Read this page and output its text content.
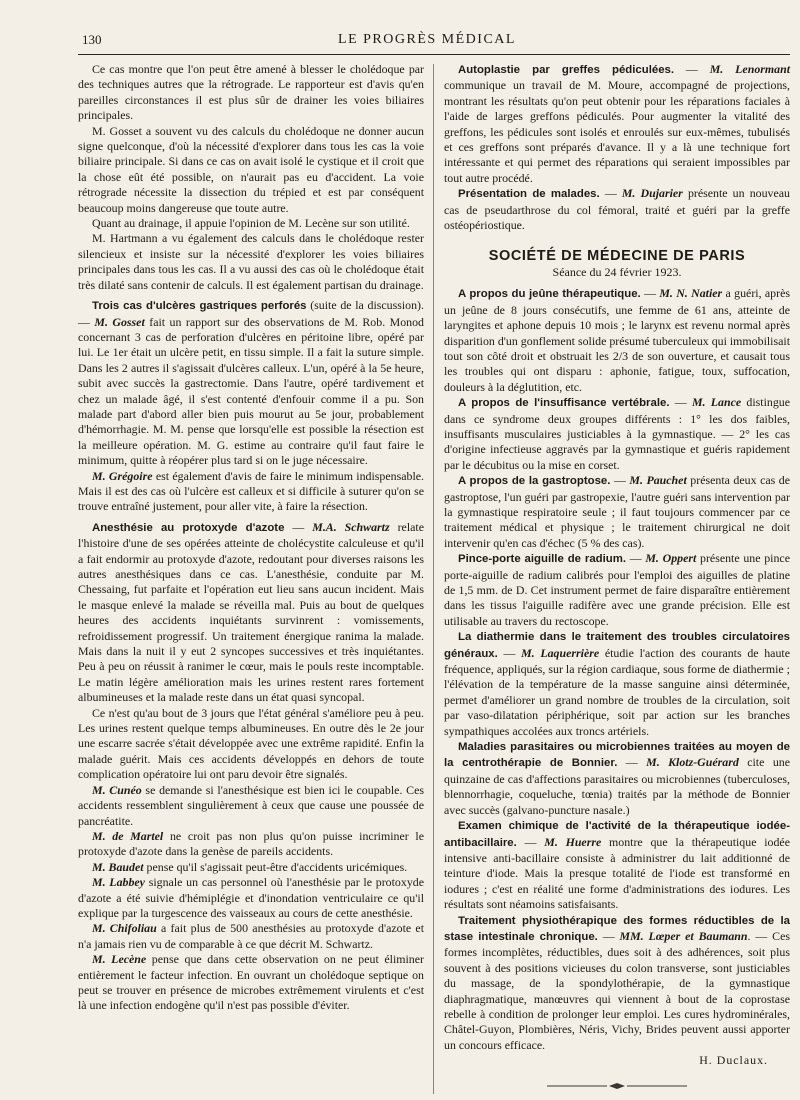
130	LE PROGRÈS MÉDICAL

Ce cas montre que l'on peut être amené à blesser le cholédoque par des techniques autres que la rétrograde. Le rapporteur est d'avis qu'en pareilles circonstances il est plus sûr de drainer les voies biliaires principales.

M. Gosset a souvent vu des calculs du cholédoque ne donner aucun signe quelconque, d'où la nécessité d'explorer dans tous les cas la voie biliaire principale. Si dans ce cas on avait isolé le cystique et il croit que la chose eût été possible, on n'aurait pas eu d'accident. La voie rétrograde nécessite la dissection du trépied et est par conséquent beaucoup moins dangereuse que toute autre.

Quant au drainage, il appuie l'opinion de M. Lecène sur son utilité.

M. Hartmann a vu également des calculs dans le cholédoque rester silencieux et insiste sur la nécessité d'explorer les voies biliaires principales dans tous les cas. Il a vu aussi des cas où le cholédoque était très dilaté sans contenir de calculs. Il est également partisan du drainage.

Trois cas d'ulcères gastriques perforés (suite de la discussion). — M. Gosset fait un rapport sur des observations de M. Rob. Monod concernant 3 cas de perforation d'ulcères en péritoine libre, opéré par lui. Le 1er était un ulcère petit, en tissu simple. Il a fait la suture simple. Dans les 2 autres il s'agissait d'ulcères calleux. L'un, opéré à la 5e heure, subit avec succès la gastrectomie. Dans l'autre, opéré tardivement et chez un malade âgé, il s'est contenté d'enfouir comme il a pu. Son malade part d'abord aller bien puis mourut au 5e jour, probablement d'hémorrhagie. M. M. pense que lorsqu'elle est possible la résection est la meilleure opération. M. G. estime au contraire qu'il faut faire le minimum, quitte à réopérer plus tard si on le juge nécessaire.

M. Grégoire est également d'avis de faire le minimum indispensable. Mais il est des cas où l'ulcère est calleux et si difficile à suturer qu'on se trouve entraîné justement, pour aller vite, à faire la résection.

Anesthésie au protoxyde d'azote — M.A. Schwartz relate l'histoire d'une de ses opérées atteinte de cholécystite calculeuse et qu'il a fait endormir au protoxyde d'azote, redoutant pour diverses raisons les autres anesthésiques dans ce cas. L'anesthésie, conduite par M. Chessaing, fut parfaite et l'opération eut lieu sans aucun incident. Mais le masque enlevé la malade se réveilla mal. Puis au bout de quelques heures des accidents inquiétants survinrent : vomissements, refroidissement progressif. Un traitement énergique ranima la malade. Mais dans la nuit il y eut 2 syncopes successives et très inquiétantes. Peu à peu on réussit à ranimer le cœur, mais le pouls reste incomptable. Le matin légère amélioration mais les urines restent rares fortement albumineuses et la malade reste dans un état quasi syncopal.

Ce n'est qu'au bout de 3 jours que l'état général s'améliore peu à peu. Les urines restent quelque temps albumineuses. En outre dès le 2e jour une escarre sacrée s'était développée avec une extrême rapidité. Enfin la malade guérit. Mais ces accidents développés en dehors de toute complication opératoire lui ont paru devoir être signalés.

M. Cunéo se demande si l'anesthésique est bien ici le coupable. Ces accidents ressemblent singulièrement à ceux que cause une poussée de pancréatite.

M. de Martel ne croit pas non plus qu'on puisse incriminer le protoxyde d'azote dans la genèse de pareils accidents.

M. Baudet pense qu'il s'agissait peut-être d'accidents uricémiques.

M. Labbey signale un cas personnel où l'anesthésie par le protoxyde d'azote a été suivie d'hémiplégie et d'inondation ventriculaire ce qu'il explique par la turgescence des vaisseaux au cours de cette anesthésie.

M. Chifoliau a fait plus de 500 anesthésies au protoxyde d'azote et n'a jamais rien vu de comparable à ce que décrit M. Schwartz.

M. Lecène pense que dans cette observation on ne peut éliminer entièrement le facteur infection. En ouvrant un cholédoque septique on peut se trouver en présence de microbes extrêmement virulents et c'est là une infection endogène qu'il n'est pas possible d'éviter.

Autoplastie par greffes pédiculées. — M. Lenormant communique un travail de M. Moure, accompagné de projections, montrant les résultats qu'on peut obtenir pour les réparations faciales à l'aide de larges greffons pédiculés. Pour augmenter la vitalité des greffons, les pédicules sont isolés et enroulés sur eux-mêmes, tubulisés et ces greffons sont préparés d'avance. Il y a là une technique fort intéressante et qui permet des réparations qui seraient impossibles par tout autre procédé.

Présentation de malades. — M. Dujarier présente un nouveau cas de pseudarthrose du col fémoral, traité et guéri par la greffe ostéopériostique.

SOCIÉTÉ DE MÉDECINE DE PARIS
Séance du 24 février 1923.

A propos du jeûne thérapeutique. — M. N. Natier a guéri, après un jeûne de 8 jours consécutifs, une femme de 61 ans, atteinte de laryngites et aphone depuis 10 mois ; le larynx est revenu normal après disparition d'un gonflement solide présumé tuberculeux qui immobilisait tout son côté droit et obstruait les 2/3 de son ouverture, et causait tous les troubles qui ont disparu : aphonie, fatigue, toux, suffocation, douleurs à la déglutition, etc.

A propos de l'insuffisance vertébrale. — M. Lance distingue dans ce syndrome deux groupes différents : 1° les dos faibles, insuffisants musculaires justiciables à la gymnastique. — 2° les cas d'origine infectieuse aggravés par la gymnastique et guéris rapidement par le décubitus ou la mise en corset.

A propos de la gastroptose. — M. Pauchet présenta deux cas de gastroptose, l'un guéri par gastropexie, l'autre guéri sans intervention par la gymnastique respiratoire seule ; il faut toujours commencer par ce traitement médical et physique ; le traitement chirurgical ne doit intervenir qu'en cas d'échec (5 % des cas).

Pince-porte aiguille de radium. — M. Oppert présente une pince porte-aiguille de radium calibrés pour l'emploi des aiguilles de platine de 1,5 mm. de D. Cet instrument permet de faire disparaître entièrement dans les tissus l'aiguille radifère avec une grande précision. Elle est utilisable au travers du rectoscope.

La diathermie dans le traitement des troubles circulatoires généraux. — M. Laquerrière étudie l'action des courants de haute fréquence, appliqués, sur la région cardiaque, sous forme de diathermie ; l'élévation de la température de la masse sanguine ainsi déterminée, permet d'améliorer un grand nombre de troubles de la circulation, soit par vaso-dilatation périphérique, soit par action sur les branches sympathiques accolées aux troncs artériels.

Maladies parasitaires ou microbiennes traitées au moyen de la centrothérapie de Bonnier. — M. Klotz-Guérard cite une quinzaine de cas d'affections parasitaires ou microbiennes (tuberculoses, blennorrhagie, coqueluche, tœnia) traités par la méthode de Bonnier avec succès (galvano-puncture nasale.)

Examen chimique de l'activité de la thérapeutique iodée-antibacillaire. — M. Huerre montre que la thérapeutique iodée intensive anti-bacillaire consiste à administrer du lait additionné de teinture d'iode. Mais la presque totalité de l'iode est transformé en iodures ; c'est en réalité une forme d'administrations des iodures. Les résultats sont néamoins satisfaisants.

Traitement physiothérapique des formes réductibles de la stase intestinale chronique. — MM. Lœper et Baumann. — Ces formes incomplètes, réductibles, dues soit à des adhérences, soit plus souvent à des positions vicieuses du colon transverse, sont justiciables du massage, de la spondylothérapie, de la gymnastique diaphragmatique, manœuvres qui viennent à bout de la coprostase rebelle à condition de prolonger leur emploi. Les cures hydrominérales, Châtel-Guyon, Plombières, Néris, Vichy, Brides peuvent aussi apporter un concours efficace.

H. Duclaux.
